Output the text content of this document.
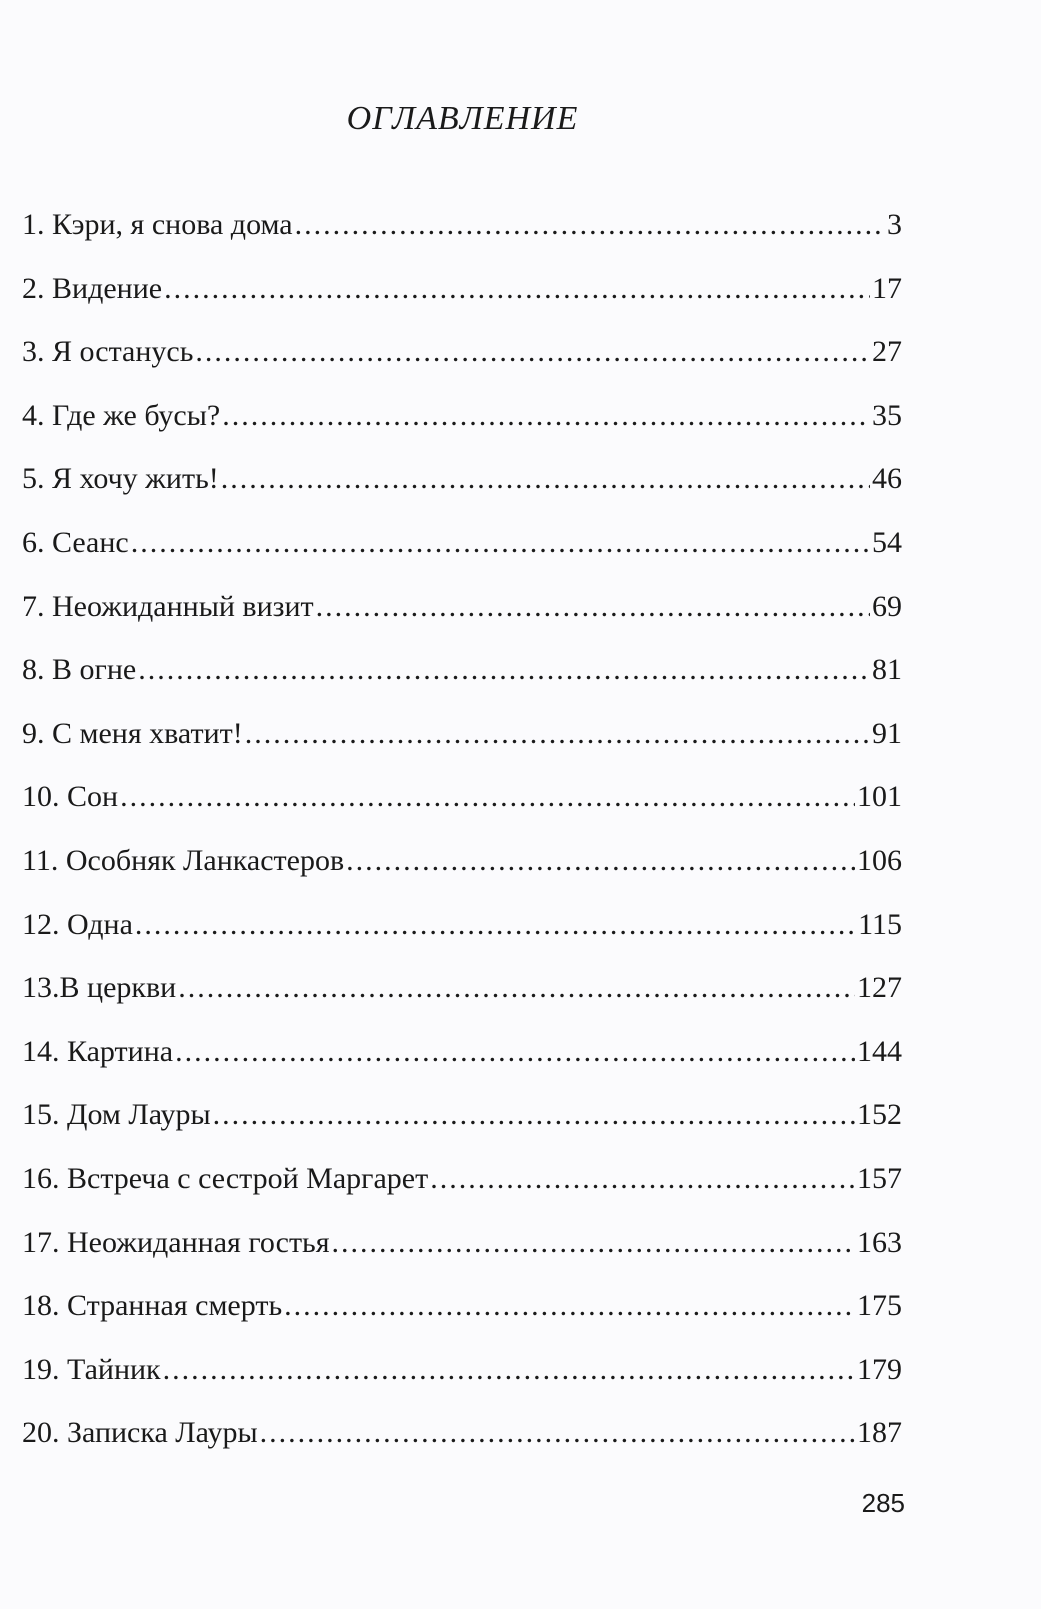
ОГЛАВЛЕНИЕ
1. Кэри, я снова дома .....	3
2. Видение .....	17
3. Я останусь .....	27
4. Где же бусы? .....	35
5. Я хочу жить! .....	46
6. Сеанс .....	54
7. Неожиданный визит .....	69
8. В огне .....	81
9. С меня хватит! .....	91
10. Сон .....	101
11. Особняк Ланкастеров .....	106
12. Одна .....	115
13.В церкви .....	127
14. Картина .....	144
15. Дом Лауры .....	152
16. Встреча с сестрой Маргарет .....	157
17. Неожиданная гостья .....	163
18. Странная смерть .....	175
19. Тайник .....	179
20. Записка Лауры .....	187
285
